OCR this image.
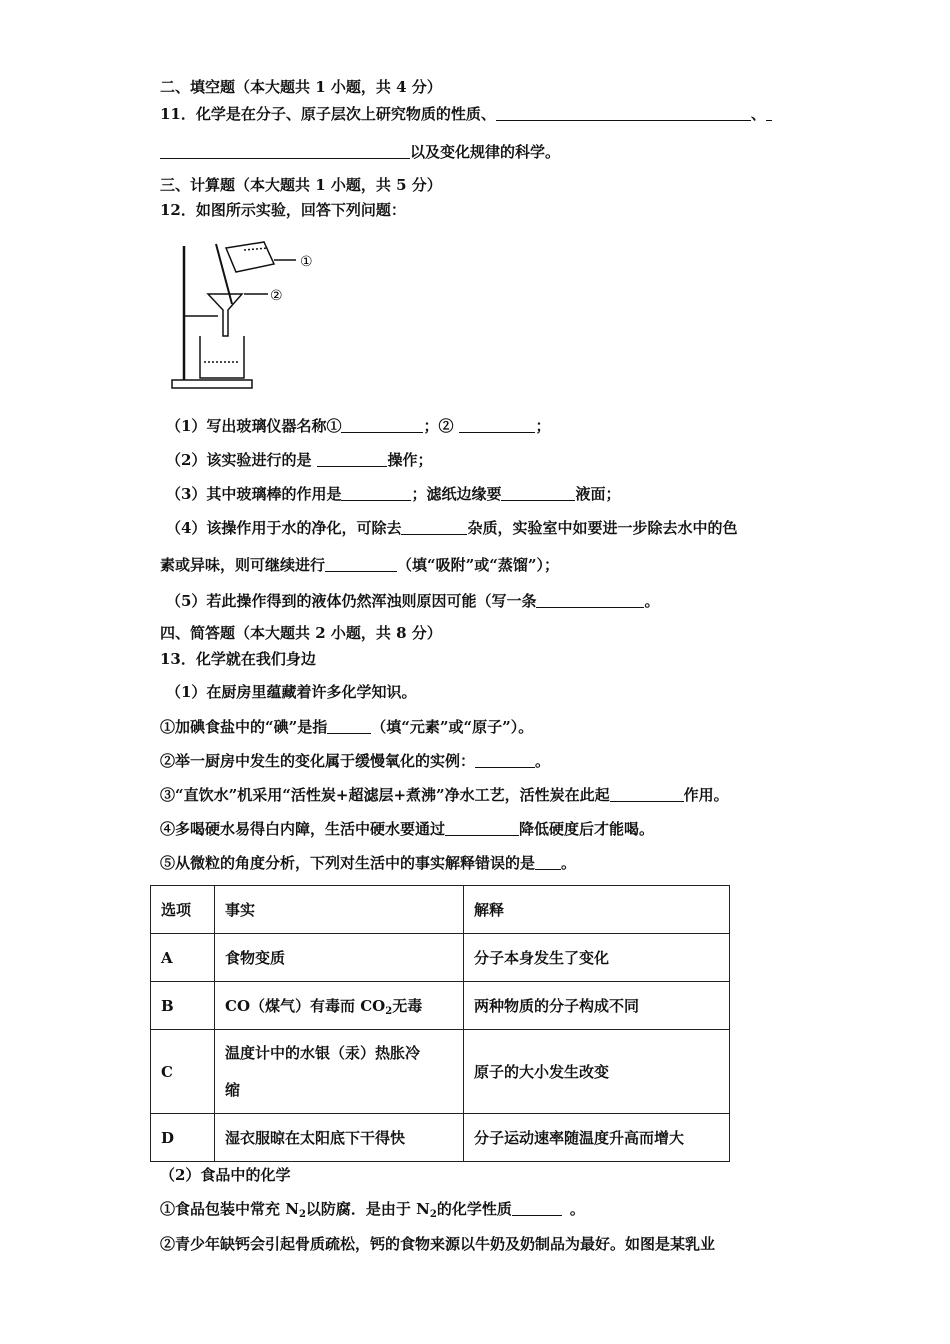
二、填空题（本大题共 1 小题，共 4 分）
11．化学是在分子、原子层次上研究物质的性质、	、
以及变化规律的科学。
三、计算题（本大题共 1 小题，共 5 分）
12．如图所示实验，回答下列问题：
①
②
（1）写出玻璃仪器名称①	；②	；
（2）该实验进行的是	操作；
（3）其中玻璃棒的作用是	；滤纸边缘要	液面；
（4）该操作用于水的净化，可除去	杂质，实验室中如要进一步除去水中的色
素或异味，则可继续进行	（填“吸附”或“蒸馏”）；
（5）若此操作得到的液体仍然浑浊则原因可能（写一条	。
四、简答题（本大题共 2 小题，共 8 分）
13．化学就在我们身边
（1）在厨房里蕴藏着许多化学知识。
①加碘食盐中的“碘”是指	（填“元素”或“原子”）。
②举一厨房中发生的变化属于缓慢氧化的实例：	。
③“直饮水”机采用“活性炭+超滤层+煮沸”净水工艺，活性炭在此起	作用。
④多喝硬水易得白内障，生活中硬水要通过	降低硬度后才能喝。
⑤从微粒的角度分析，下列对生活中的事实解释错误的是 。
选项	事实	解释
A	食物变质	分子本身发生了变化
B	CO（煤气）有毒而 $CO_2$无毒	两种物质的分子构成不同
C	温度计中的水银（汞）热胀冷
缩	原子的大小发生改变
D	湿衣服晾在太阳底下干得快	分子运动速率随温度升高而增大
（2）食品中的化学
①食品包装中常充 $N_2$以防腐．是由于 $N_2$的化学性质	。
②青少年缺钙会引起骨质疏松，钙的食物来源以牛奶及奶制品为最好。如图是某乳业
